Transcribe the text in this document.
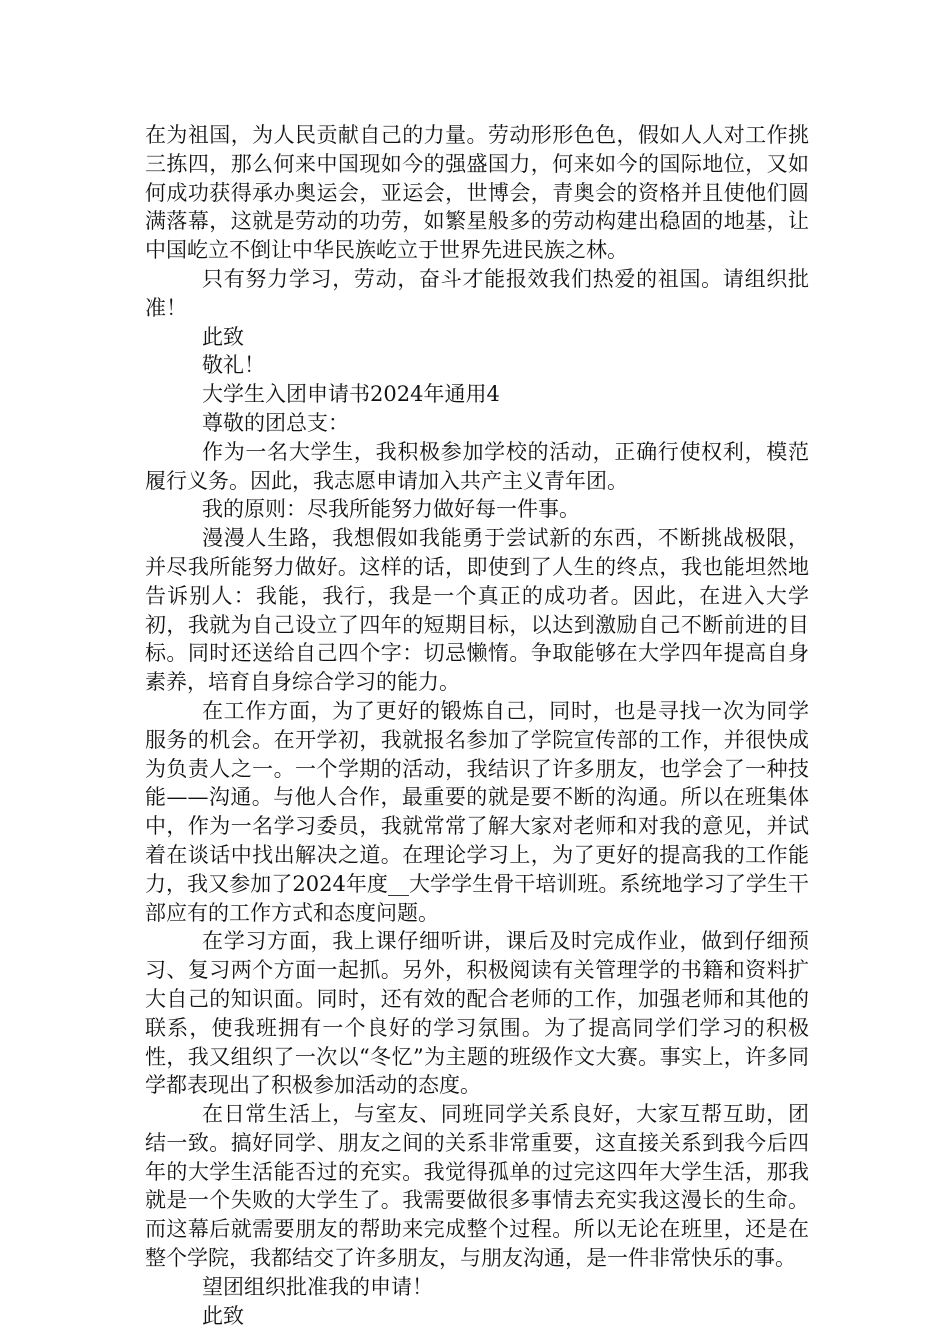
在为祖国，为人民贡献自己的力量。劳动形形色色，假如人人对工作挑三拣四，那么何来中国现如今的强盛国力，何来如今的国际地位，又如何成功获得承办奥运会，亚运会，世博会，青奥会的资格并且使他们圆满落幕，这就是劳动的功劳，如繁星般多的劳动构建出稳固的地基，让中国屹立不倒让中华民族屹立于世界先进民族之林。

只有努力学习，劳动，奋斗才能报效我们热爱的祖国。请组织批准！

此致

敬礼！

大学生入团申请书2024年通用4

尊敬的团总支：

作为一名大学生，我积极参加学校的活动，正确行使权利，模范履行义务。因此，我志愿申请加入共产主义青年团。

我的原则：尽我所能努力做好每一件事。

漫漫人生路，我想假如我能勇于尝试新的东西，不断挑战极限，并尽我所能努力做好。这样的话，即使到了人生的终点，我也能坦然地告诉别人：我能，我行，我是一个真正的成功者。因此，在进入大学初，我就为自己设立了四年的短期目标，以达到激励自己不断前进的目标。同时还送给自己四个字：切忌懒惰。争取能够在大学四年提高自身素养，培育自身综合学习的能力。

在工作方面，为了更好的锻炼自己，同时，也是寻找一次为同学服务的机会。在开学初，我就报名参加了学院宣传部的工作，并很快成为负责人之一。一个学期的活动，我结识了许多朋友，也学会了一种技能——沟通。与他人合作，最重要的就是要不断的沟通。所以在班集体中，作为一名学习委员，我就常常了解大家对老师和对我的意见，并试着在谈话中找出解决之道。在理论学习上，为了更好的提高我的工作能力，我又参加了2024年度__大学学生骨干培训班。系统地学习了学生干部应有的工作方式和态度问题。

在学习方面，我上课仔细听讲，课后及时完成作业，做到仔细预习、复习两个方面一起抓。另外，积极阅读有关管理学的书籍和资料扩大自己的知识面。同时，还有效的配合老师的工作，加强老师和其他的联系，使我班拥有一个良好的学习氛围。为了提高同学们学习的积极性，我又组织了一次以“冬忆”为主题的班级作文大赛。事实上，许多同学都表现出了积极参加活动的态度。

在日常生活上，与室友、同班同学关系良好，大家互帮互助，团结一致。搞好同学、朋友之间的关系非常重要，这直接关系到我今后四年的大学生活能否过的充实。我觉得孤单的过完这四年大学生活，那我就是一个失败的大学生了。我需要做很多事情去充实我这漫长的生命。而这幕后就需要朋友的帮助来完成整个过程。所以无论在班里，还是在整个学院，我都结交了许多朋友，与朋友沟通，是一件非常快乐的事。

望团组织批准我的申请！

此致
